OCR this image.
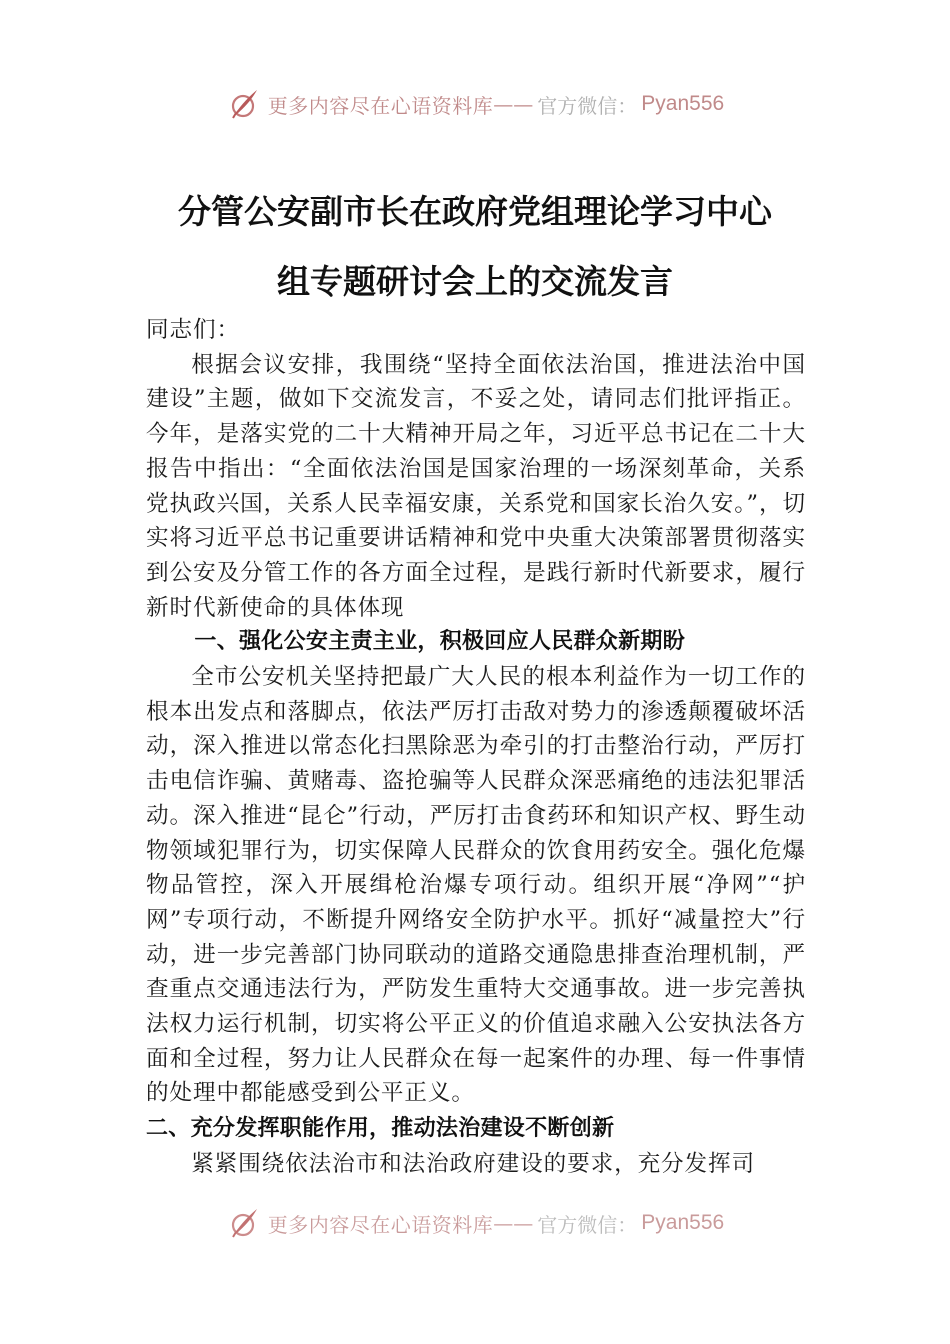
更多内容尽在心语资料库 —— 官方微信： Pyan556
分管公安副市长在政府党组理论学习中心
组专题研讨会上的交流发言

同志们：

根据会议安排，我围绕“坚持全面依法治国，推进法治中国建设”主题，做如下交流发言，不妥之处，请同志们批评指正。今年，是落实党的二十大精神开局之年，习近平总书记在二十大报告中指出：“全面依法治国是国家治理的一场深刻革命，关系党执政兴国，关系人民幸福安康，关系党和国家长治久安。”，切实将习近平总书记重要讲话精神和党中央重大决策部署贯彻落实到公安及分管工作的各方面全过程，是践行新时代新要求，履行新时代新使命的具体体现

一、强化公安主责主业，积极回应人民群众新期盼

全市公安机关坚持把最广大人民的根本利益作为一切工作的根本出发点和落脚点，依法严厉打击敌对势力的渗透颠覆破坏活动，深入推进以常态化扫黑除恶为牵引的打击整治行动，严厉打击电信诈骗、黄赌毒、盗抢骗等人民群众深恶痛绝的违法犯罪活动。深入推进“昆仑”行动，严厉打击食药环和知识产权、野生动物领域犯罪行为，切实保障人民群众的饮食用药安全。强化危爆物品管控，深入开展缉枪治爆专项行动。组织开展“净网”“护网”专项行动，不断提升网络安全防护水平。抓好“减量控大”行动，进一步完善部门协同联动的道路交通隐患排查治理机制，严查重点交通违法行为，严防发生重特大交通事故。进一步完善执法权力运行机制，切实将公平正义的价值追求融入公安执法各方面和全过程，努力让人民群众在每一起案件的办理、每一件事情的处理中都能感受到公平正义。

二、充分发挥职能作用，推动法治建设不断创新

紧紧围绕依法治市和法治政府建设的要求，充分发挥司

更多内容尽在心语资料库 —— 官方微信： Pyan556
